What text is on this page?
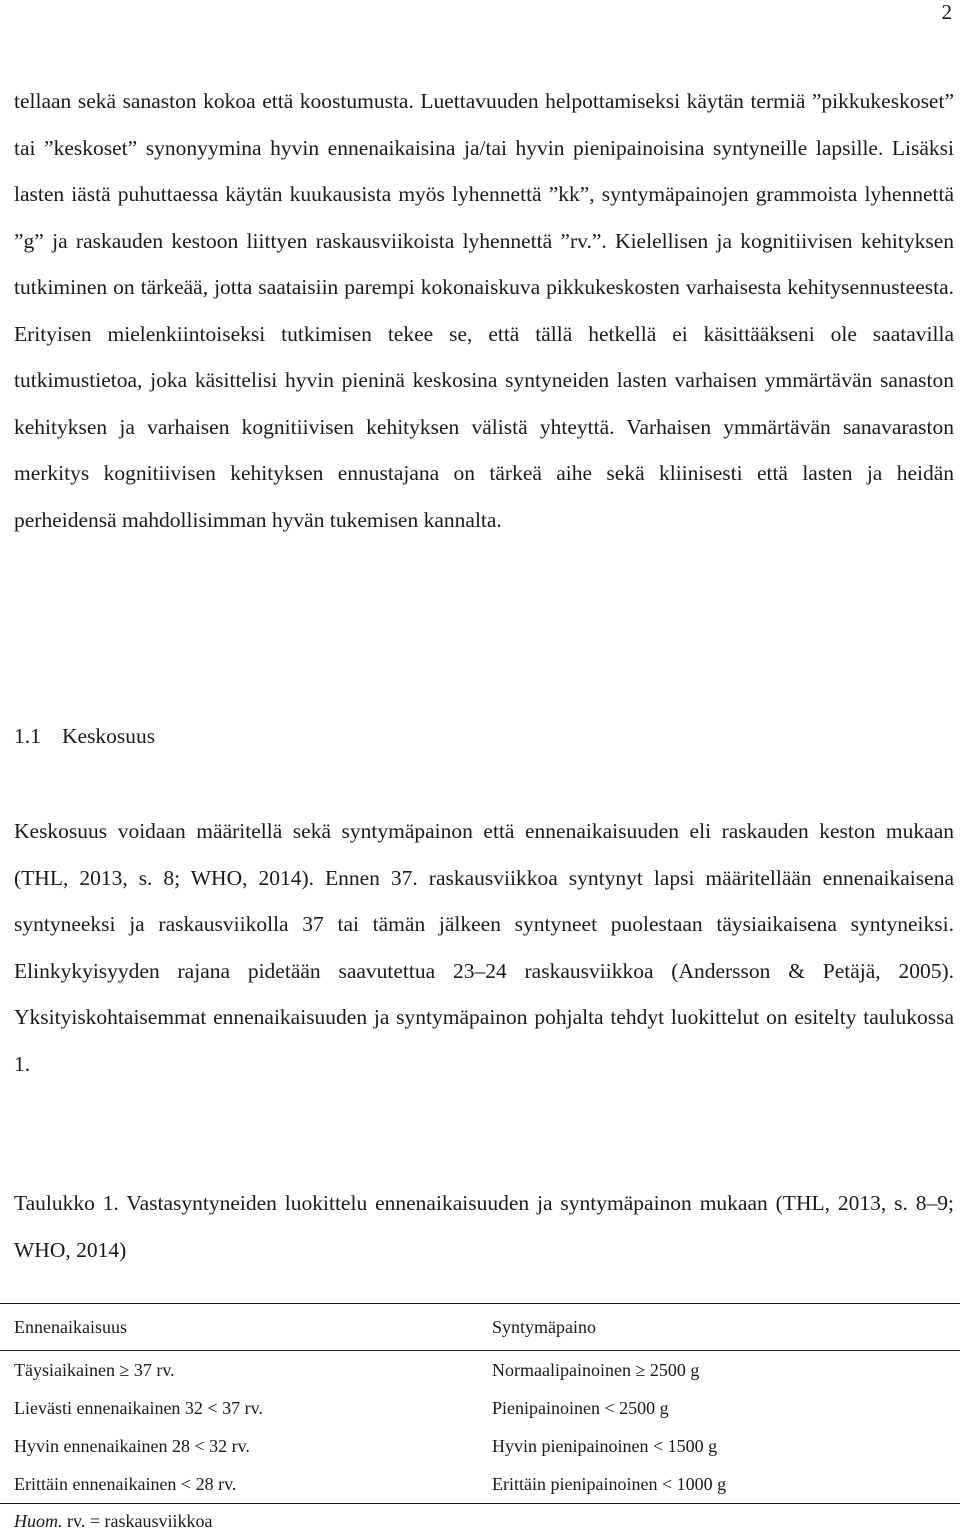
2

tellaan sekä sanaston kokoa että koostumusta. Luettavuuden helpottamiseksi käytän termiä ”pikkukeskoset” tai ”keskoset” synonyymina hyvin ennenaikaisina ja/tai hyvin pienipainoisina syntyneille lapsille. Lisäksi lasten iästä puhuttaessa käytän kuukausista myös lyhennettä ”kk”, syntymäpainojen grammoista lyhennettä ”g” ja raskauden kestoon liittyen raskausviikoista lyhennettä ”rv.”. Kielellisen ja kognitiivisen kehityksen tutkiminen on tärkeää, jotta saataisiin parempi kokonaiskuva pikkukeskosten varhaisesta kehitysennusteesta. Erityisen mielenkiintoiseksi tutkimisen tekee se, että tällä hetkellä ei käsittääkseni ole saatavilla tutkimustietoa, joka käsittelisi hyvin pieninä keskosina syntyneiden lasten varhaisen ymmärtävän sanaston kehityksen ja varhaisen kognitiivisen kehityksen välistä yhteyttä. Varhaisen ymmärtävän sanavaraston merkitys kognitiivisen kehityksen ennustajana on tärkeä aihe sekä kliinisesti että lasten ja heidän perheidensä mahdollisimman hyvän tukemisen kannalta.

1.1 Keskosuus

Keskosuus voidaan määritellä sekä syntymäpainon että ennenaikaisuuden eli raskauden keston mukaan (THL, 2013, s. 8; WHO, 2014). Ennen 37. raskausviikkoa syntynyt lapsi määritellään ennenaikaisena syntyneeksi ja raskausviikolla 37 tai tämän jälkeen syntyneet puolestaan täysiaikaisena syntyneiksi. Elinkykyisyyden rajana pidetään saavutettua 23–24 raskausviikkoa (Andersson & Petäjä, 2005). Yksityiskohtaisemmat ennenaikaisuuden ja syntymäpainon pohjalta tehdyt luokittelut on esitelty taulukossa 1.

Taulukko 1. Vastasyntyneiden luokittelu ennenaikaisuuden ja syntymäpainon mukaan (THL, 2013, s. 8–9; WHO, 2014)

Ennenaikaisuus	Syntymäpaino
Täysiaikainen ≥ 37 rv.	Normaalipainoinen ≥ 2500 g
Lievästi ennenaikainen 32 < 37 rv.	Pienipainoinen < 2500 g
Hyvin ennenaikainen 28 < 32 rv.	Hyvin pienipainoinen < 1500 g
Erittäin ennenaikainen < 28 rv.	Erittäin pienipainoinen < 1000 g
Huom. rv. = raskausviikkoa
